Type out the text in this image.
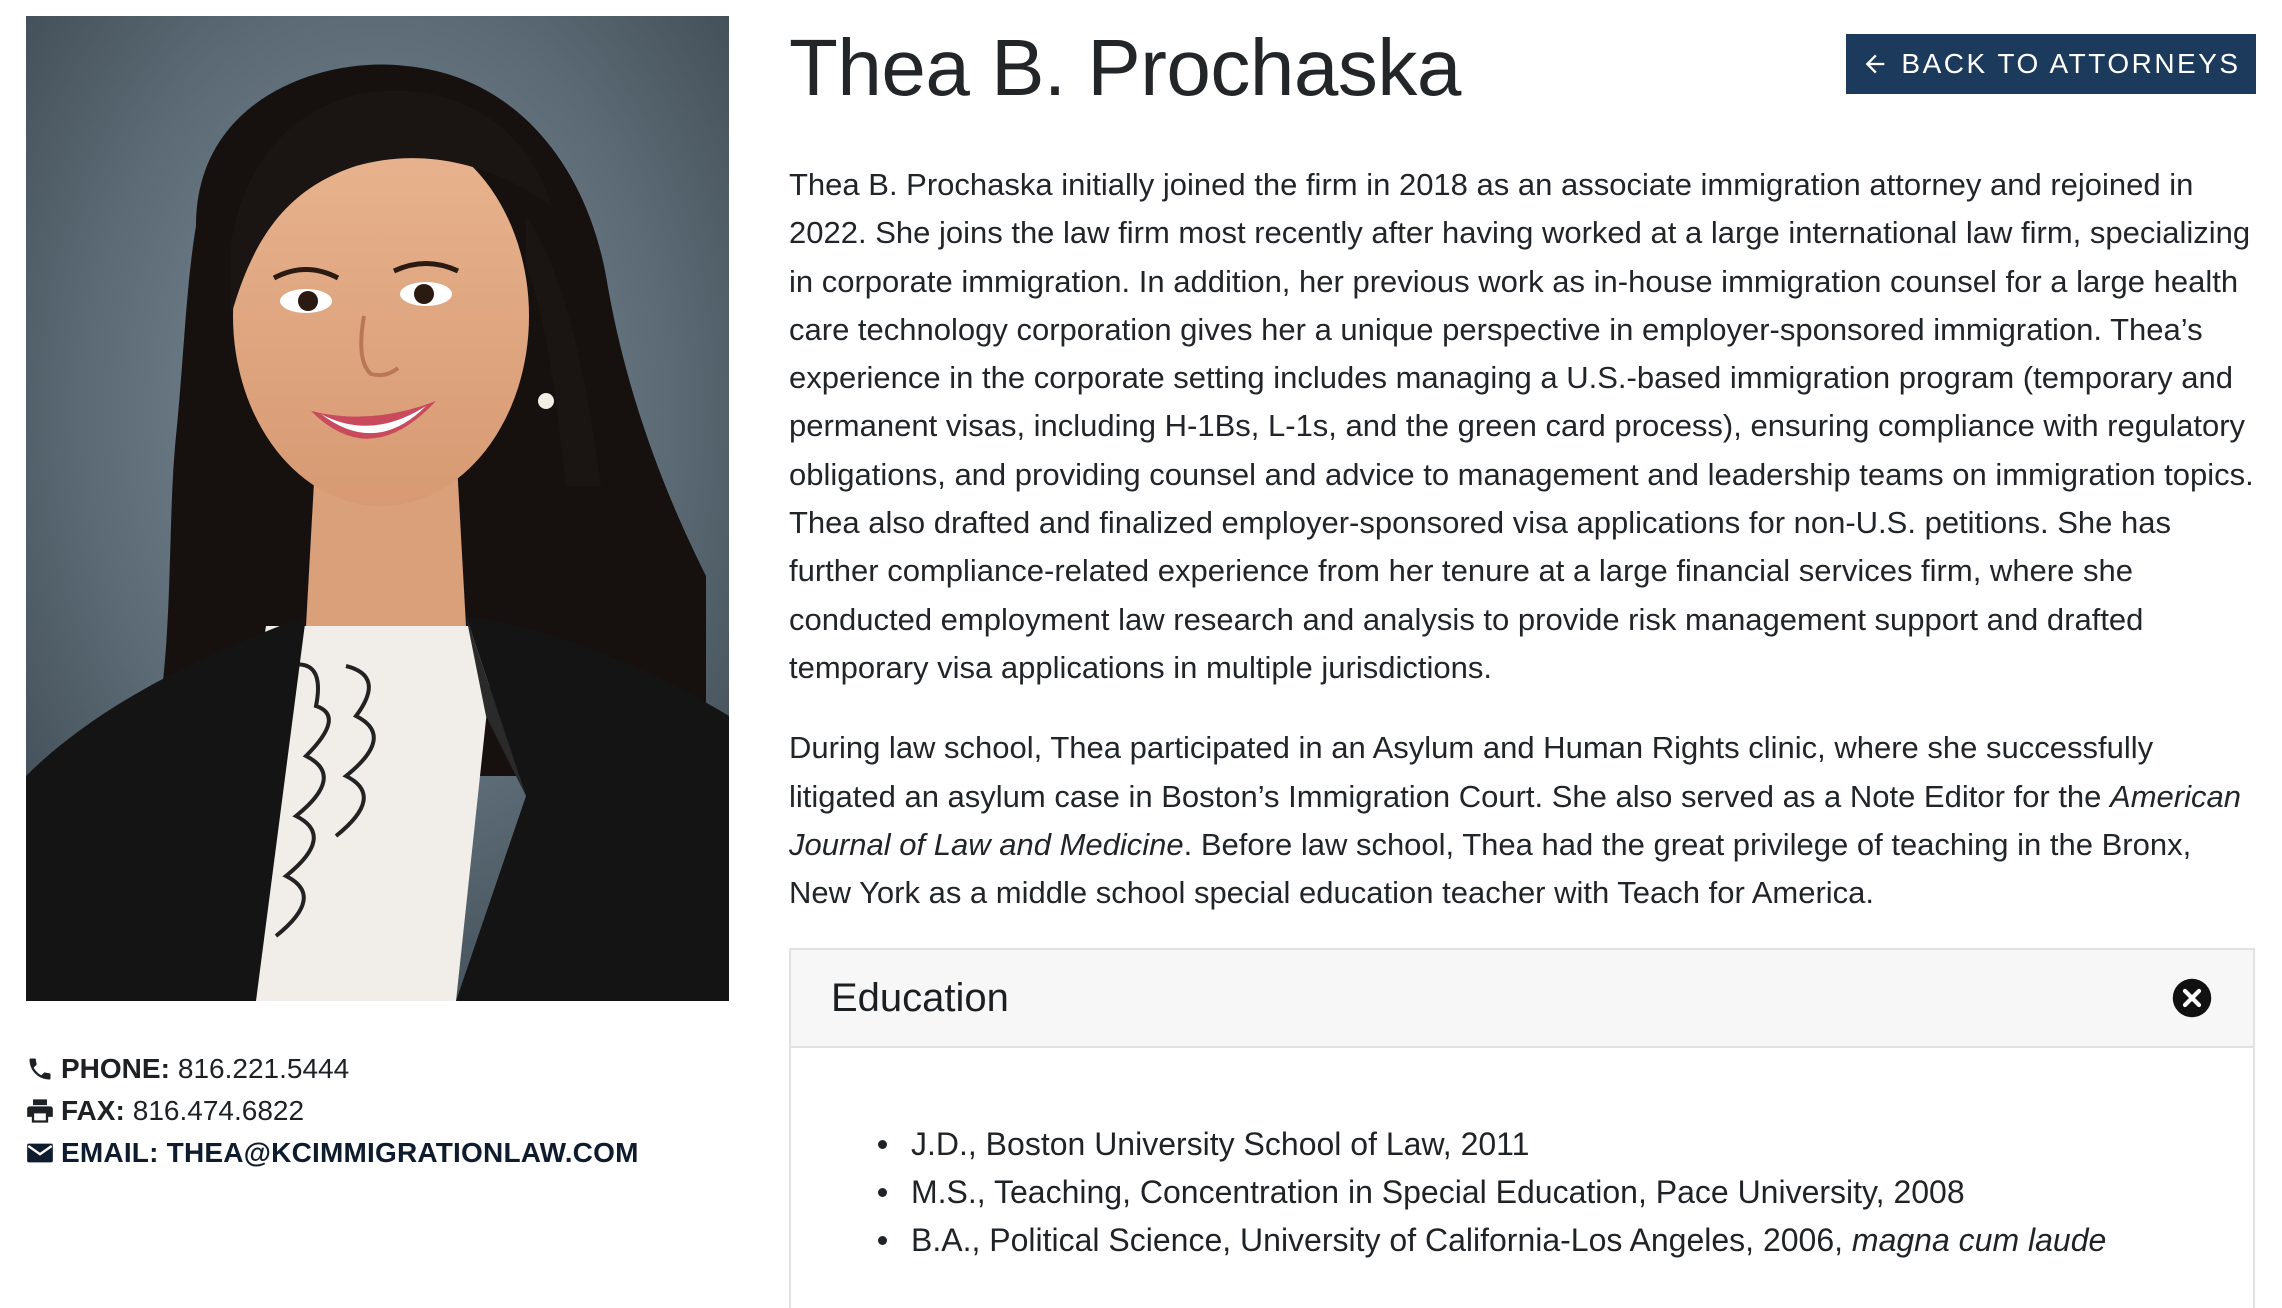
PHONE: 816.221.5444
FAX: 816.474.6822
EMAIL: THEA@KCIMMIGRATIONLAW.COM
Thea B. Prochaska	BACK TO ATTORNEYS

Thea B. Prochaska initially joined the firm in 2018 as an associate immigration attorney and rejoined in 2022. She joins the law firm most recently after having worked at a large international law firm, specializing in corporate immigration. In addition, her previous work as in-house immigration counsel for a large health care technology corporation gives her a unique perspective in employer-sponsored immigration. Thea’s experience in the corporate setting includes managing a U.S.-based immigration program (temporary and permanent visas, including H-1Bs, L-1s, and the green card process), ensuring compliance with regulatory obligations, and providing counsel and advice to management and leadership teams on immigration topics. Thea also drafted and finalized employer-sponsored visa applications for non-U.S. petitions. She has further compliance-related experience from her tenure at a large financial services firm, where she conducted employment law research and analysis to provide risk management support and drafted temporary visa applications in multiple jurisdictions.

During law school, Thea participated in an Asylum and Human Rights clinic, where she successfully litigated an asylum case in Boston’s Immigration Court. She also served as a Note Editor for the American Journal of Law and Medicine. Before law school, Thea had the great privilege of teaching in the Bronx, New York as a middle school special education teacher with Teach for America.

Education
J.D., Boston University School of Law, 2011
M.S., Teaching, Concentration in Special Education, Pace University, 2008
B.A., Political Science, University of California-Los Angeles, 2006, magna cum laude
